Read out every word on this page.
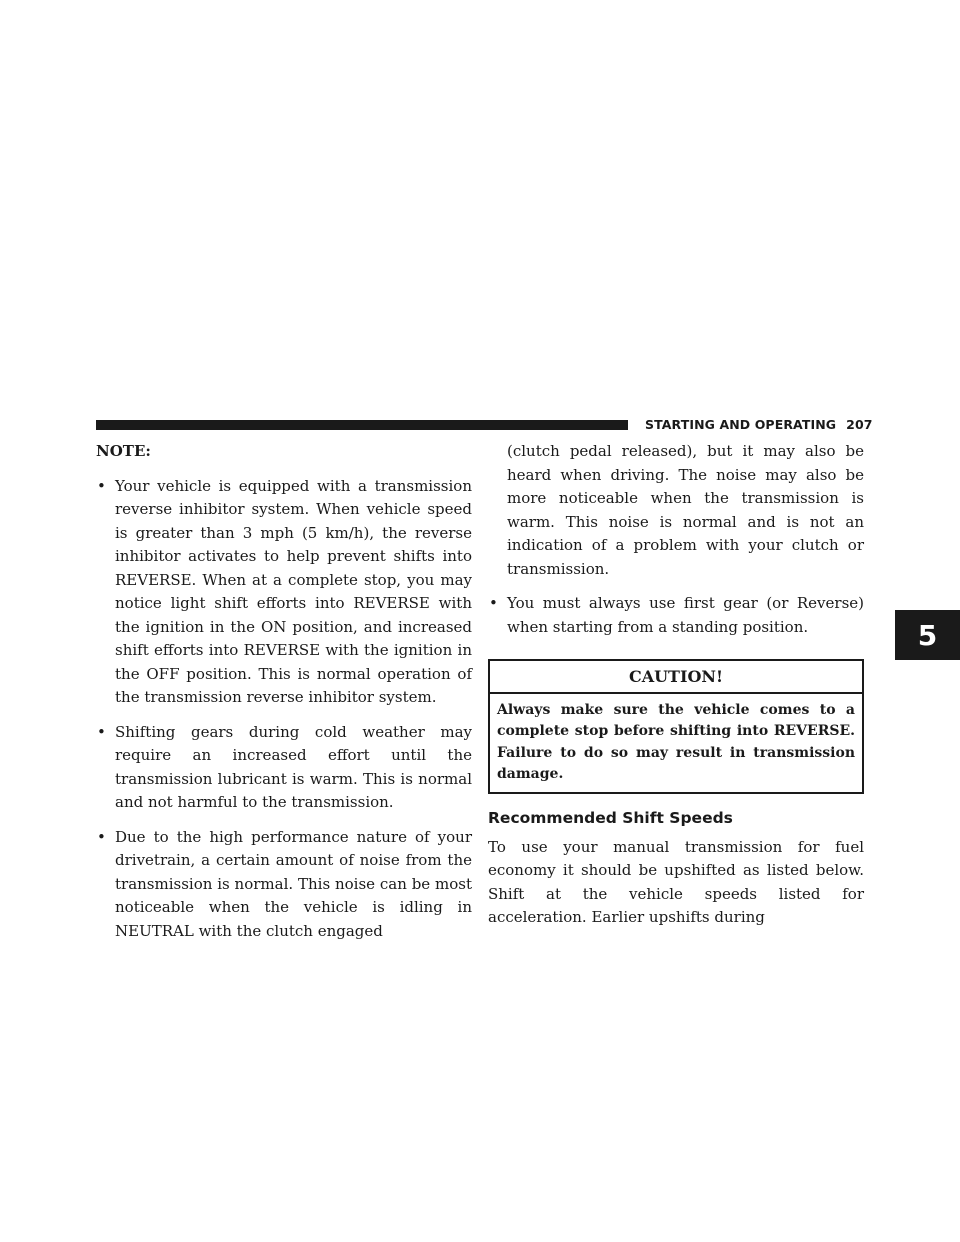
STARTING AND OPERATING 207
5
NOTE:
• Your vehicle is equipped with a transmission reverse inhibitor system. When vehicle speed is greater than 3 mph (5 km/h), the reverse inhibitor activates to help prevent shifts into REVERSE. When at a complete stop, you may notice light shift efforts into REVERSE with the ignition in the ON position, and increased shift efforts into REVERSE with the ignition in the OFF position. This is normal operation of the transmission reverse inhibitor system.
• Shifting gears during cold weather may require an increased effort until the transmission lubricant is warm. This is normal and not harmful to the transmission.
• Due to the high performance nature of your drivetrain, a certain amount of noise from the transmission is normal. This noise can be most noticeable when the vehicle is idling in NEUTRAL with the clutch engaged
(clutch pedal released), but it may also be heard when driving. The noise may also be more noticeable when the transmission is warm. This noise is normal and is not an indication of a problem with your clutch or transmission.
• You must always use first gear (or Reverse) when starting from a standing position.
CAUTION!
Always make sure the vehicle comes to a complete stop before shifting into REVERSE. Failure to do so may result in transmission damage.
Recommended Shift Speeds

To use your manual transmission for fuel economy it should be upshifted as listed below. Shift at the vehicle speeds listed for acceleration. Earlier upshifts during
